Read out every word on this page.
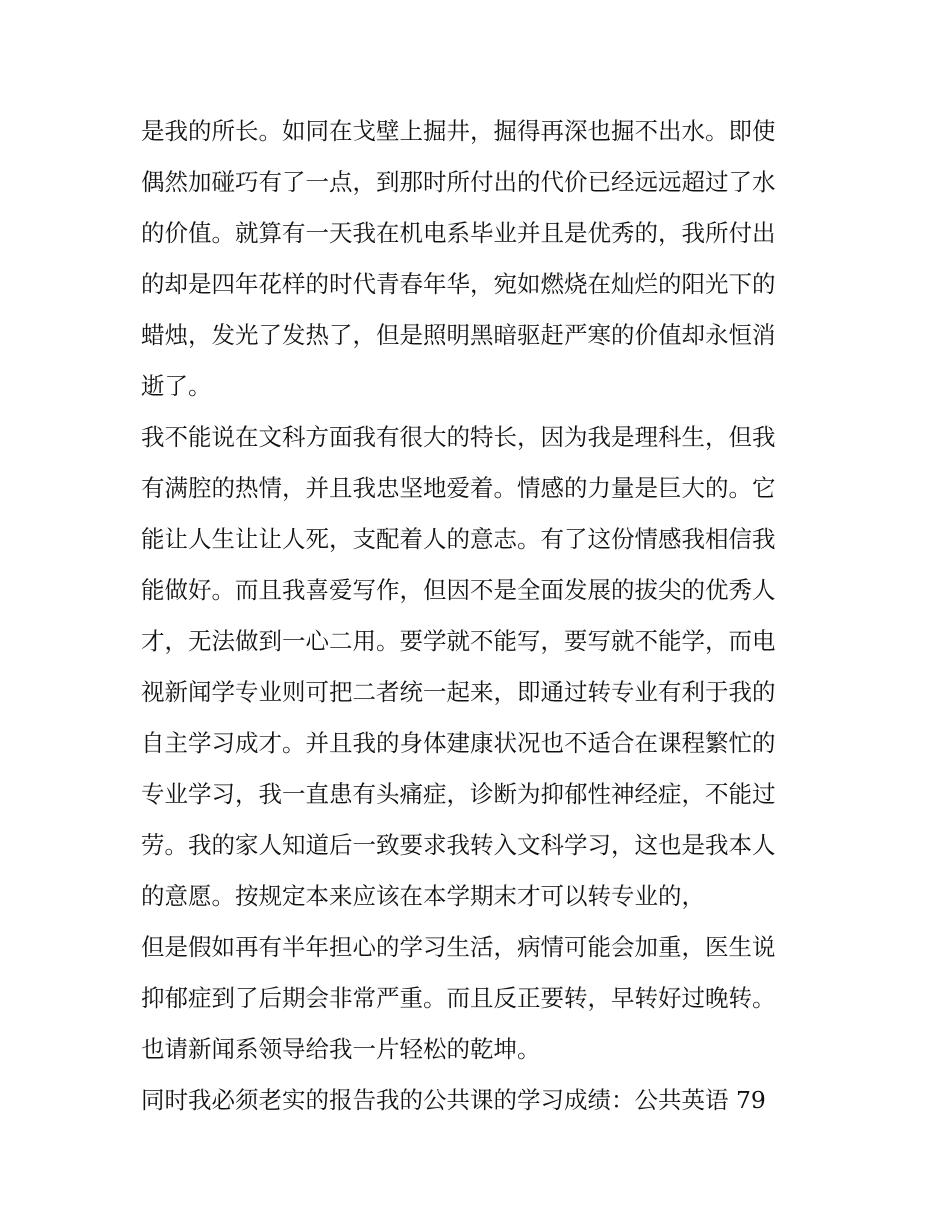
是我的所长。如同在戈壁上掘井，掘得再深也掘不出水。即使
偶然加碰巧有了一点，到那时所付出的代价已经远远超过了水
的价值。就算有一天我在机电系毕业并且是优秀的，我所付出
的却是四年花样的时代青春年华，宛如燃烧在灿烂的阳光下的
蜡烛，发光了发热了，但是照明黑暗驱赶严寒的价值却永恒消
逝了。
我不能说在文科方面我有很大的特长，因为我是理科生，但我
有满腔的热情，并且我忠坚地爱着。情感的力量是巨大的。它
能让人生让让人死，支配着人的意志。有了这份情感我相信我
能做好。而且我喜爱写作，但因不是全面发展的拔尖的优秀人
才，无法做到一心二用。要学就不能写，要写就不能学，而电
视新闻学专业则可把二者统一起来，即通过转专业有利于我的
自主学习成才。并且我的身体建康状况也不适合在课程繁忙的
专业学习，我一直患有头痛症，诊断为抑郁性神经症，不能过
劳。我的家人知道后一致要求我转入文科学习，这也是我本人
的意愿。按规定本来应该在本学期末才可以转专业的，
但是假如再有半年担心的学习生活，病情可能会加重，医生说
抑郁症到了后期会非常严重。而且反正要转，早转好过晚转。
也请新闻系领导给我一片轻松的乾坤。
同时我必须老实的报告我的公共课的学习成绩：公共英语 79
